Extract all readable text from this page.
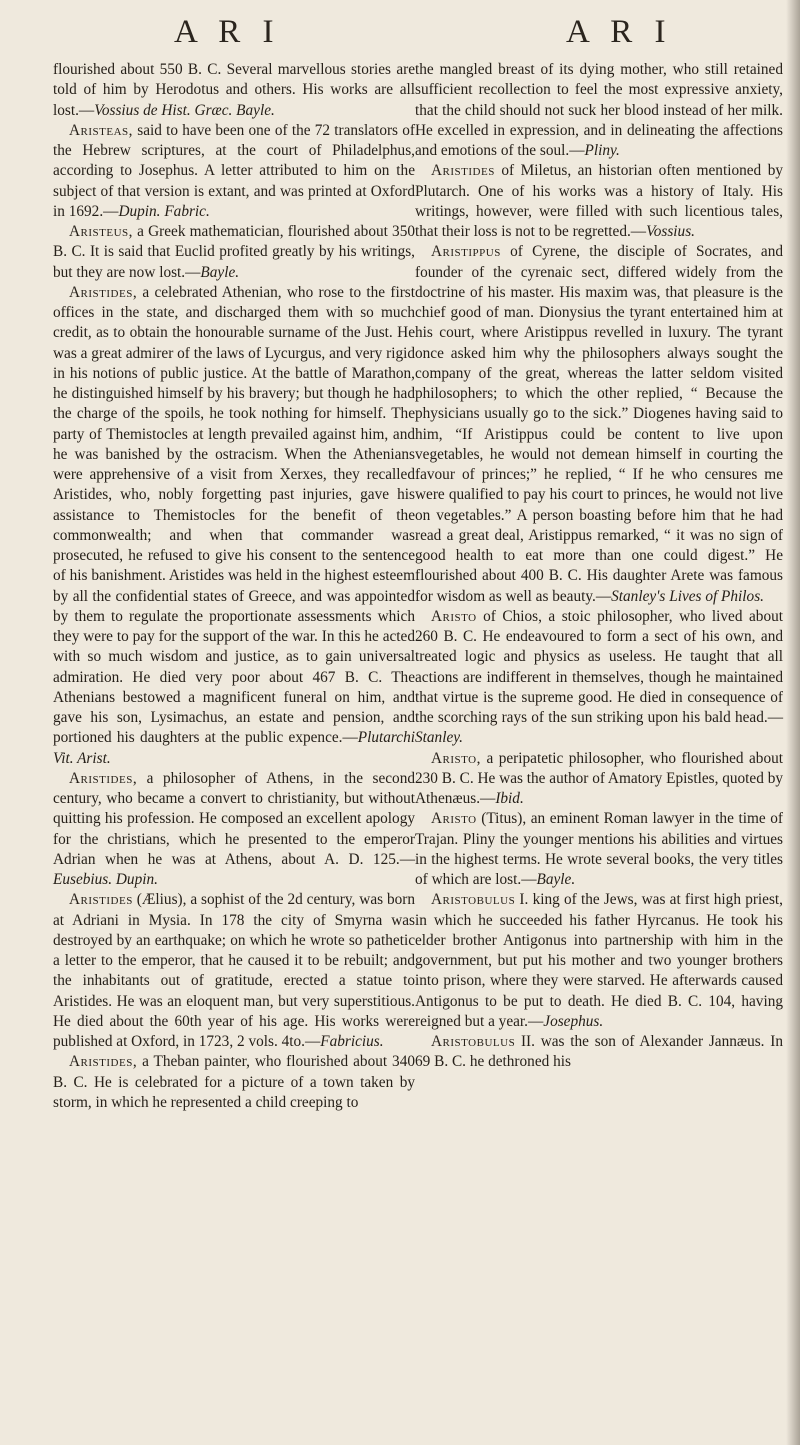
A R I	A R I

flourished about 550 B. C. Several marvellous stories are told of him by Herodotus and others. His works are all lost.—Vossius de Hist. Græc. Bayle.

Aristeas, said to have been one of the 72 translators of the Hebrew scriptures, at the court of Philadelphus, according to Josephus. A letter attributed to him on the subject of that version is extant, and was printed at Oxford in 1692.—Dupin. Fabric.

Aristeus, a Greek mathematician, flourished about 350 B. C. It is said that Euclid profited greatly by his writings, but they are now lost.—Bayle.

Aristides, a celebrated Athenian, who rose to the first offices in the state, and discharged them with so much credit, as to obtain the honourable surname of the Just. He was a great admirer of the laws of Lycurgus, and very rigid in his notions of public justice. At the battle of Marathon, he distinguished himself by his bravery; but though he had the charge of the spoils, he took nothing for himself. The party of Themistocles at length prevailed against him, and he was banished by the ostracism. When the Athenians were apprehensive of a visit from Xerxes, they recalled Aristides, who, nobly forgetting past injuries, gave his assistance to Themistocles for the benefit of the commonwealth; and when that commander was prosecuted, he refused to give his consent to the sentence of his banishment. Aristides was held in the highest esteem by all the confidential states of Greece, and was appointed by them to regulate the proportionate assessments which they were to pay for the support of the war. In this he acted with so much wisdom and justice, as to gain universal admiration. He died very poor about 467 B. C. The Athenians bestowed a magnificent funeral on him, and gave his son, Lysimachus, an estate and pension, and portioned his daughters at the public expence.—Plutarchi Vit. Arist.

Aristides, a philosopher of Athens, in the second century, who became a convert to christianity, but without quitting his profession. He composed an excellent apology for the christians, which he presented to the emperor Adrian when he was at Athens, about A. D. 125.—Eusebius. Dupin.

Aristides (Ælius), a sophist of the 2d century, was born at Adriani in Mysia. In 178 the city of Smyrna was destroyed by an earthquake; on which he wrote so pathetic a letter to the emperor, that he caused it to be rebuilt; and the inhabitants out of gratitude, erected a statue to Aristides. He was an eloquent man, but very superstitious. He died about the 60th year of his age. His works were published at Oxford, in 1723, 2 vols. 4to.—Fabricius.

Aristides, a Theban painter, who flourished about 340 B. C. He is celebrated for a picture of a town taken by storm, in which he represented a child creeping to

the mangled breast of its dying mother, who still retained sufficient recollection to feel the most expressive anxiety, that the child should not suck her blood instead of her milk. He excelled in expression, and in delineating the affections and emotions of the soul.—Pliny.

Aristides of Miletus, an historian often mentioned by Plutarch. One of his works was a history of Italy. His writings, however, were filled with such licentious tales, that their loss is not to be regretted.—Vossius.

Aristippus of Cyrene, the disciple of Socrates, and founder of the cyrenaic sect, differed widely from the doctrine of his master. His maxim was, that pleasure is the chief good of man. Dionysius the tyrant entertained him at his court, where Aristippus revelled in luxury. The tyrant once asked him why the philosophers always sought the company of the great, whereas the latter seldom visited philosophers; to which the other replied, “ Because the physicians usually go to the sick.” Diogenes having said to him, “If Aristippus could be content to live upon vegetables, he would not demean himself in courting the favour of princes;” he replied, “ If he who censures me were qualified to pay his court to princes, he would not live on vegetables.” A person boasting before him that he had read a great deal, Aristippus remarked, “ it was no sign of good health to eat more than one could digest.” He flourished about 400 B. C. His daughter Arete was famous for wisdom as well as beauty.—Stanley's Lives of Philos.

Aristo of Chios, a stoic philosopher, who lived about 260 B. C. He endeavoured to form a sect of his own, and treated logic and physics as useless. He taught that all actions are indifferent in themselves, though he maintained that virtue is the supreme good. He died in consequence of the scorching rays of the sun striking upon his bald head.—Stanley.

Aristo, a peripatetic philosopher, who flourished about 230 B. C. He was the author of Amatory Epistles, quoted by Athenæus.—Ibid.

Aristo (Titus), an eminent Roman lawyer in the time of Trajan. Pliny the younger mentions his abilities and virtues in the highest terms. He wrote several books, the very titles of which are lost.—Bayle.

Aristobulus I. king of the Jews, was at first high priest, in which he succeeded his father Hyrcanus. He took his elder brother Antigonus into partnership with him in the government, but put his mother and two younger brothers into prison, where they were starved. He afterwards caused Antigonus to be put to death. He died B. C. 104, having reigned but a year.—Josephus.

Aristobulus II. was the son of Alexander Jannæus. In 69 B. C. he dethroned his
